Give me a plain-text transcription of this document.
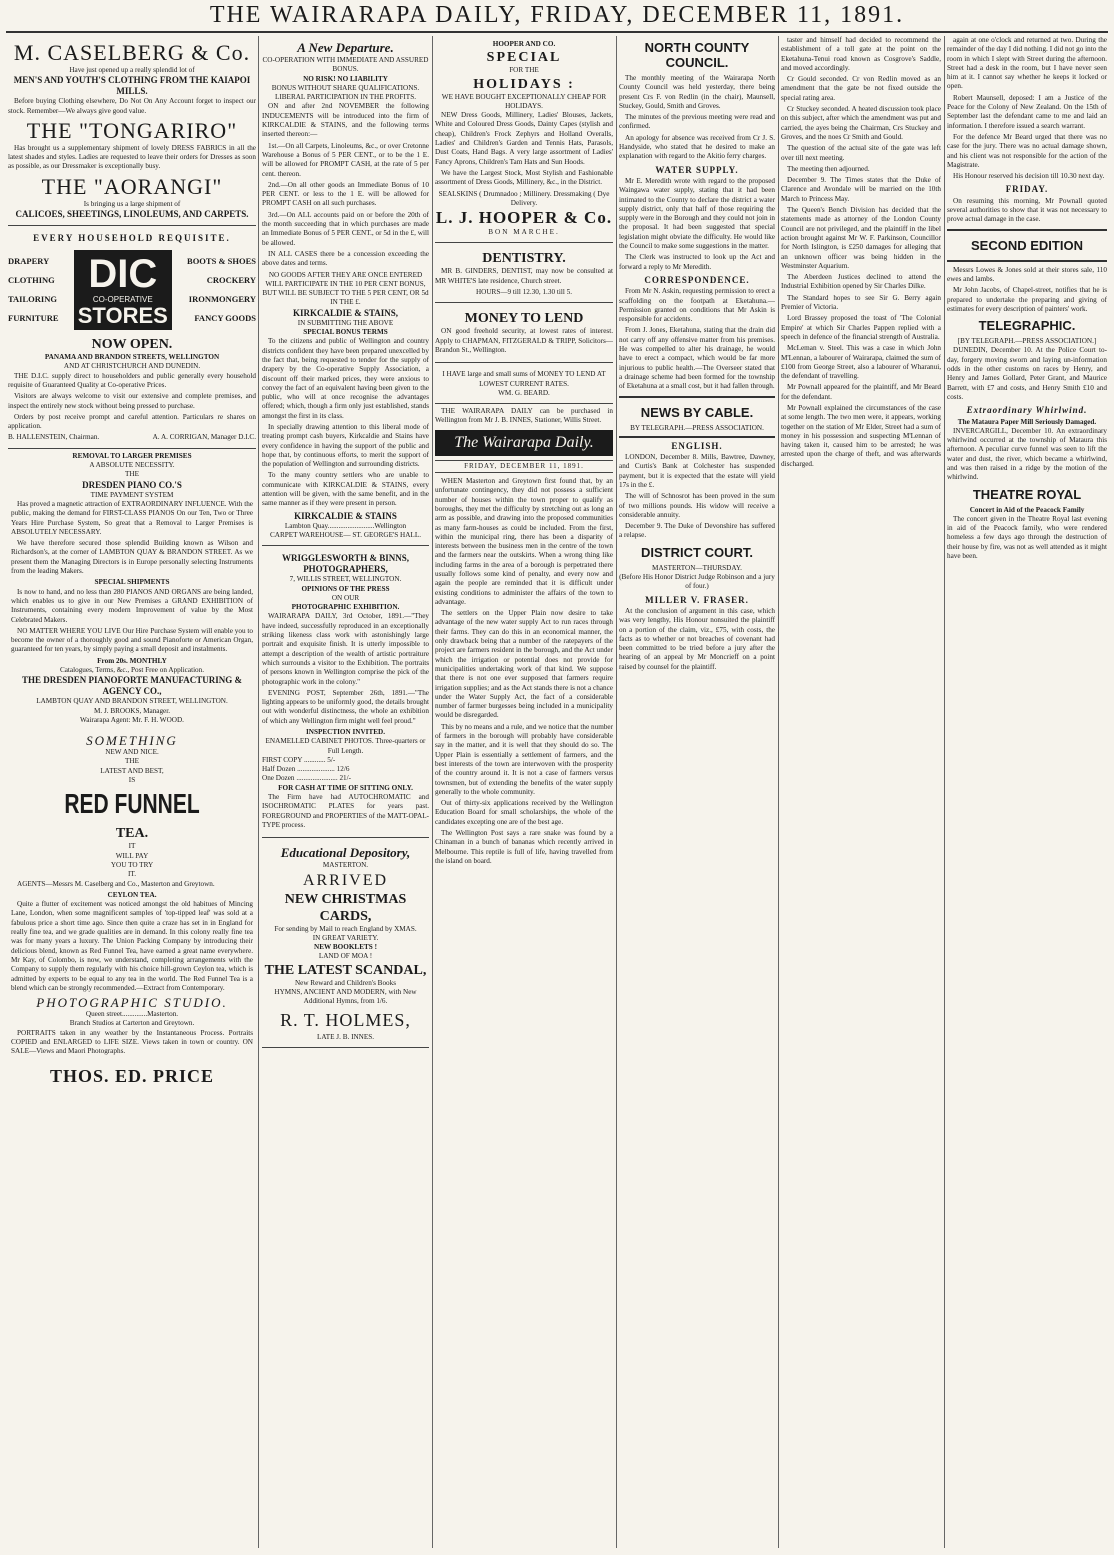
THE WAIRARAPA DAILY, FRIDAY, DECEMBER 11, 1891.
M. CASELBERG & Co.
Have just opened up a really splendid lot of
MEN'S AND YOUTH'S CLOTHING FROM THE KAIAPOI MILLS.

Before buying Clothing elsewhere, Do Not On Any Account forget to inspect our stock. Remember—We always give good value.

THE "TONGARIRO"

Has brought us a supplementary shipment of lovely DRESS FABRICS in all the latest shades and styles. Ladies are requested to leave their orders for Dresses as soon as possible, as our Dressmaker is exceptionally busy.

THE "AORANGI"
Is bringing us a large shipment of
CALICOES, SHEETINGS, LINOLEUMS, AND CARPETS.
EVERY HOUSEHOLD REQUISITE.
DRAPERY
CLOTHING
TAILORING
FURNITURE
DIC
CO-OPERATIVE
STORES
BOOTS & SHOES
CROCKERY
IRONMONGERY
FANCY GOODS
NOW OPEN.
PANAMA AND BRANDON STREETS, WELLINGTON
AND AT CHRISTCHURCH AND DUNEDIN.

THE D.I.C. supply direct to householders and public generally every household requisite of Guaranteed Quality at Co-operative Prices.

Visitors are always welcome to visit our extensive and complete premises, and inspect the entirely new stock without being pressed to purchase.

Orders by post receive prompt and careful attention. Particulars re shares on application.

B. HALLENSTEIN, Chairman.	A. A. CORRIGAN, Manager D.I.C.
REMOVAL TO LARGER PREMISES
A ABSOLUTE NECESSITY.
THE
DRESDEN PIANO CO.'S
TIME PAYMENT SYSTEM

Has proved a magnetic attraction of EXTRAORDINARY INFLUENCE. With the public, making the demand for FIRST-CLASS PIANOS On our Ten, Two or Three Years Hire Purchase System, So great that a Removal to Larger Premises is ABSOLUTELY NECESSARY.

We have therefore secured those splendid Building known as Wilson and Richardson's, at the corner of LAMBTON QUAY & BRANDON STREET. As we present them the Managing Directors is in Europe personally selecting Instruments from the leading Makers.

SPECIAL SHIPMENTS

Is now to hand, and no less than 280 PIANOS AND ORGANS are being landed, which enables us to give in our New Premises a GRAND EXHIBITION of Instruments, containing every modern Improvement of value by the Most Celebrated Makers.

NO MATTER WHERE YOU LIVE Our Hire Purchase System will enable you to become the owner of a thoroughly good and sound Pianoforte or American Organ, guaranteed for ten years, by simply paying a small deposit and instalments.

From 20s. MONTHLY
Catalogues, Terms, &c., Post Free on Application.
THE DRESDEN PIANOFORTE MANUFACTURING & AGENCY CO.,
LAMBTON QUAY AND BRANDON STREET, WELLINGTON.
M. J. BROOKS, Manager.
Wairarapa Agent: Mr. F. H. WOOD.
SOMETHING
NEW AND NICE.
THE
LATEST AND BEST,
IS
RED FUNNEL
TEA.
IT
WILL PAY
YOU TO TRY
IT.

AGENTS—Messrs M. Caselberg and Co., Masterton and Greytown.

CEYLON TEA.

Quite a flutter of excitement was noticed amongst the old habitues of Mincing Lane, London, when some magnificent samples of 'top-tipped leaf' was sold at a fabulous price a short time ago. Since then quite a craze has set in in England for really fine tea, and we grade qualities are in demand. In this colony really fine tea was for many years a luxury. The Union Packing Company by introducing their delicious blend, known as Red Funnel Tea, have earned a great name everywhere. Mr Kay, of Colombo, is now, we understand, completing arrangements with the Company to supply them regularly with his choice hill-grown Ceylon tea, which is admitted by experts to be equal to any tea in the world. The Red Funnel Tea is a blend which can be strongly recommended.—Extract from Contemporary.

PHOTOGRAPHIC STUDIO.
Queen street..............Masterton.
Branch Studios at Carterton and Greytown.

PORTRAITS taken in any weather by the Instantaneous Process. Portraits COPIED and ENLARGED to LIFE SIZE. Views taken in town or country. ON SALE—Views and Maori Photographs.

THOS. ED. PRICE
A New Departure.
CO-OPERATION WITH IMMEDIATE AND ASSURED BONUS.
NO RISK! NO LIABILITY
BONUS WITHOUT SHARE QUALIFICATIONS.
LIBERAL PARTICIPATION IN THE PROFITS.

ON and after 2nd NOVEMBER the following INDUCEMENTS will be introduced into the firm of KIRKCALDIE & STAINS, and the following terms inserted thereon:—

1st.—On all Carpets, Linoleums, &c., or over Cretonne Warehouse a Bonus of 5 PER CENT., or to be the 1 E. will be allowed for PROMPT CASH, at the rate of 5 per cent. thereon.

2nd.—On all other goods an Immediate Bonus of 10 PER CENT. or less to the 1 E. will be allowed for PROMPT CASH on all such purchases.

3rd.—On ALL accounts paid on or before the 20th of the month succeeding that in which purchases are made an Immediate Bonus of 5 PER CENT., or 5d in the £, will be allowed.

IN ALL CASES there be a concession exceeding the above dates and terms.

NO GOODS AFTER THEY ARE ONCE ENTERED WILL PARTICIPATE IN THE 10 PER CENT BONUS, BUT WILL BE SUBJECT TO THE 5 PER CENT, OR 5d IN THE £.
KIRKCALDIE & STAINS,
IN SUBMITTING THE ABOVE
SPECIAL BONUS TERMS

To the citizens and public of Wellington and country districts confident they have been prepared unexcelled by the fact that, being requested to tender for the supply of drapery by the Co-operative Supply Association, a discount off their marked prices, they were anxious to convey the fact of an equivalent having been given to the public, who will at once recognise the advantages offered; which, though a firm only just established, stands amongst the first in its class.

In specially drawing attention to this liberal mode of treating prompt cash buyers, Kirkcaldie and Stains have every confidence in having the support of the public and hope that, by continuous efforts, to merit the support of the population of Wellington and surrounding districts.

To the many country settlers who are unable to communicate with KIRKCALDIE & STAINS, every attention will be given, with the same benefit, and in the same manner as if they were present in person.

KIRKCALDIE & STAINS
Lambton Quay..........................Wellington
CARPET WAREHOUSE— ST. GEORGE'S HALL.
WRIGGLESWORTH & BINNS, PHOTOGRAPHERS,
7, WILLIS STREET, WELLINGTON.
OPINIONS OF THE PRESS
ON OUR
PHOTOGRAPHIC EXHIBITION.

WAIRARAPA DAILY, 3rd October, 1891.—"They have indeed, successfully reproduced in an exceptionally striking likeness class work with astonishingly large portrait and exquisite finish. It is utterly impossible to attempt a description of the wealth of artistic portraiture which surrounds a visitor to the Exhibition. The portraits of persons known in Wellington comprise the pick of the photographic work in the colony."

EVENING POST, September 26th, 1891.—"The lighting appears to be uniformly good, the details brought out with wonderful distinctness, the whole an exhibition of which any Wellington firm might well feel proud."

INSPECTION INVITED.
ENAMELLED CABINET PHOTOS. Three-quarters or Full Length.
FIRST COPY ............ 5/-
Half Dozen ..................... 12/6
One Dozen ....................... 21/-
FOR CASH AT TIME OF SITTING ONLY.

The Firm have had AUTOCHROMATIC and ISOCHROMATIC PLATES for years past. FOREGROUND and PROPERTIES of the MATT-OPAL-TYPE process.

Educational Depository,
MASTERTON.
ARRIVED
NEW CHRISTMAS CARDS,
For sending by Mail to reach England by XMAS.
IN GREAT VARIETY.
NEW BOOKLETS !
LAND OF MOA !
THE LATEST SCANDAL,
New Reward and Children's Books
HYMNS, ANCIENT AND MODERN, with New Additional Hymns, from 1/6.
R. T. HOLMES,
LATE J. B. INNES.
HOOPER AND CO.
SPECIAL
FOR THE
HOLIDAYS :
WE HAVE BOUGHT EXCEPTIONALLY CHEAP FOR HOLIDAYS.

NEW Dress Goods, Millinery, Ladies' Blouses, Jackets, White and Coloured Dress Goods, Dainty Capes (stylish and cheap), Children's Frock Zephyrs and Holland Overalls, Ladies' and Children's Garden and Tennis Hats, Parasols, Dust Coats, Hand Bags. A very large assortment of Ladies' Fancy Aprons, Children's Tam Hats and Sun Hoods.

We have the Largest Stock, Most Stylish and Fashionable assortment of Dress Goods, Millinery, &c., in the District.

SEALSKINS ( Drumnadoo ; Millinery. Dressmaking ( Dye Delivery.
L. J. HOOPER & Co.
BON MARCHE.
DENTISTRY.

MR B. GINDERS, DENTIST, may now be consulted at MR WHITE'S late residence, Church street.

HOURS—9 till 12.30, 1.30 till 5.
MONEY TO LEND

ON good freehold security, at lowest rates of interest. Apply to CHAPMAN, FITZGERALD & TRIPP, Solicitors—Brandon St., Wellington.

I HAVE large and small sums of MONEY TO LEND AT LOWEST CURRENT RATES.
WM. G. BEARD.

THE WAIRARAPA DAILY can be purchased in Wellington from Mr J. B. INNES, Stationer, Willis Street.

The Wairarapa Daily.
FRIDAY, DECEMBER 11, 1891.

WHEN Masterton and Greytown first found that, by an unfortunate contingency, they did not possess a sufficient number of houses within the town proper to qualify as boroughs, they met the difficulty by stretching out as long an arm as possible, and drawing into the proposed communities as many farm-houses as could be included. From the first, within the municipal ring, there has been a disparity of interests between the business men in the centre of the town and the farmers near the outskirts. When a wrong thing like including farms in the area of a borough is perpetrated there usually follows some kind of penalty, and every now and again the people are reminded that it is difficult under existing conditions to administer the affairs of the town to advantage.

The settlers on the Upper Plain now desire to take advantage of the new water supply Act to run races through their farms. They can do this in an economical manner, the only drawback being that a number of the ratepayers of the project are farmers resident in the borough, and the Act under which the irrigation or potential does not provide for municipalities undertaking work of that kind. We suppose that there is not one ever supposed that farmers require irrigation supplies; and as the Act stands there is not a chance under the Water Supply Act, the fact of a considerable number of farmer burgesses being included in a municipality would be disregarded.

This by no means and a rule, and we notice that the number of farmers in the borough will probably have considerable say in the matter, and it is well that they should do so. The Upper Plain is essentially a settlement of farmers, and the best interests of the town are interwoven with the prosperity of the country around it. It is not a case of farmers versus townsmen, but of extending the benefits of the water supply generally to the whole community.

Out of thirty-six applications received by the Wellington Education Board for small scholarships, the whole of the candidates excepting one are of the best age.

The Wellington Post says a rare snake was found by a Chinaman in a bunch of bananas which recently arrived in Melbourne. This reptile is full of life, having travelled from the island on board.

NORTH COUNTY COUNCIL.

The monthly meeting of the Wairarapa North County Council was held yesterday, there being present Crs F. von Redlin (in the chair), Maunsell, Stuckey, Gould, Smith and Groves.

The minutes of the previous meeting were read and confirmed.

An apology for absence was received from Cr J. S. Handyside, who stated that he desired to make an explanation with regard to the Akitio ferry charges.

WATER SUPPLY.

Mr E. Meredith wrote with regard to the proposed Waingawa water supply, stating that it had been intimated to the County to declare the district a water supply district, only that half of those requiring the supply were in the Borough and they could not join in the proposal. It had been suggested that special legislation might obviate the difficulty. He would like the Council to make some suggestions in the matter.

The Clerk was instructed to look up the Act and forward a reply to Mr Meredith.

CORRESPONDENCE.

From Mr N. Askin, requesting permission to erect a scaffolding on the footpath at Eketahuna.—Permission granted on conditions that Mr Askin is responsible for accidents.

From J. Jones, Eketahuna, stating that the drain did not carry off any offensive matter from his premises. He was compelled to alter his drainage, he would have to erect a compact, which would be far more injurious to public health.—The Overseer stated that a drainage scheme had been formed for the township of Eketahuna at a small cost, but it had fallen through.

NEWS BY CABLE.
BY TELEGRAPH.—PRESS ASSOCIATION.
ENGLISH.

LONDON, December 8. Mills, Bawtree, Dawney, and Curtis's Bank at Colchester has suspended payment, but it is expected that the estate will yield 17s in the £.

The will of Schnosrot has been proved in the sum of two millions pounds. His widow will receive a considerable annuity.

December 9. The Duke of Devonshire has suffered a relapse.

DISTRICT COURT.
MASTERTON—THURSDAY.
(Before His Honor District Judge Robinson and a jury of four.)
MILLER V. FRASER.

At the conclusion of argument in this case, which was very lengthy, His Honour nonsuited the plaintiff on a portion of the claim, viz., £75, with costs, the facts as to whether or not breaches of covenant had been committed to be tried before a jury after the hearing of an appeal by Mr Moncrieff on a point raised by counsel for the plaintiff.

taster and himself had decided to recommend the establishment of a toll gate at the point on the Eketahuna-Tenui road known as Cosgrove's Saddle, and moved accordingly.

Cr Gould seconded. Cr von Redlin moved as an amendment that the gate be not fixed outside the special rating area.

Cr Stuckey seconded. A heated discussion took place on this subject, after which the amendment was put and carried, the ayes being the Chairman, Crs Stuckey and Groves, and the noes Cr Smith and Gould.

The question of the actual site of the gate was left over till next meeting.

The meeting then adjourned.

December 9. The Times states that the Duke of Clarence and Avondale will be married on the 10th March to Princess May.

The Queen's Bench Division has decided that the statements made as attorney of the London County Council are not privileged, and the plaintiff in the libel action brought against Mr W. F. Parkinson, Councillor for North Islington, is £250 damages for alleging that an unknown officer was being hidden in the Westminster Aquarium.

The Aberdeen Justices declined to attend the Industrial Exhibition opened by Sir Charles Dilke.

The Standard hopes to see Sir G. Berry again Premier of Victoria.

Lord Brassey proposed the toast of 'The Colonial Empire' at which Sir Charles Pappen replied with a speech in defence of the financial strength of Australia.

McLeman v. Steel. This was a case in which John M'Lennan, a labourer of Wairarapa, claimed the sum of £100 from George Street, also a labourer of Wharanui, the defendant of travelling.

Mr Pownall appeared for the plaintiff, and Mr Beard for the defendant.

Mr Pownall explained the circumstances of the case at some length. The two men were, it appears, working together on the station of Mr Elder, Street had a sum of money in his possession and suspecting M'Lennan of having taken it, caused him to be arrested; he was arrested upon the charge of theft, and was afterwards discharged.

again at one o'clock and returned at two. During the remainder of the day I did nothing. I did not go into the room in which I slept with Street during the afternoon. Street had a desk in the room, but I have never seen him at it. I cannot say whether he keeps it locked or open.

Robert Maunsell, deposed: I am a Justice of the Peace for the Colony of New Zealand. On the 15th of September last the defendant came to me and laid an information. I therefore issued a search warrant.

For the defence Mr Beard urged that there was no case for the jury. There was no actual damage shown, and his client was not responsible for the action of the Magistrate.

His Honour reserved his decision till 10.30 next day.

FRIDAY.

On resuming this morning, Mr Pownall quoted several authorities to show that it was not necessary to prove actual damage in the case.

SECOND EDITION

Messrs Lowes & Jones sold at their stores sale, 110 ewes and lambs.

Mr John Jacobs, of Chapel-street, notifies that he is prepared to undertake the preparing and giving of estimates for every description of painters' work.

TELEGRAPHIC.
[BY TELEGRAPH.—PRESS ASSOCIATION.]

DUNEDIN, December 10. At the Police Court to-day, forgery moving sworn and laying un-information odds in the other customs on races by Henry, and Henry and James Gollard, Peter Grant, and Maurice Barrett, with £7 and costs, and Henry Smith £10 and costs.

Extraordinary Whirlwind.
The Mataura Paper Mill Seriously Damaged.

INVERCARGILL, December 10. An extraordinary whirlwind occurred at the township of Mataura this afternoon. A peculiar curve funnel was seen to lift the water and dust, the river, which became a whirlwind, and was then raised in a ridge by the motion of the whirlwind.

THEATRE ROYAL
Concert in Aid of the Peacock Family

The concert given in the Theatre Royal last evening in aid of the Peacock family, who were rendered homeless a few days ago through the destruction of their house by fire, was not as well attended as it might have been.
